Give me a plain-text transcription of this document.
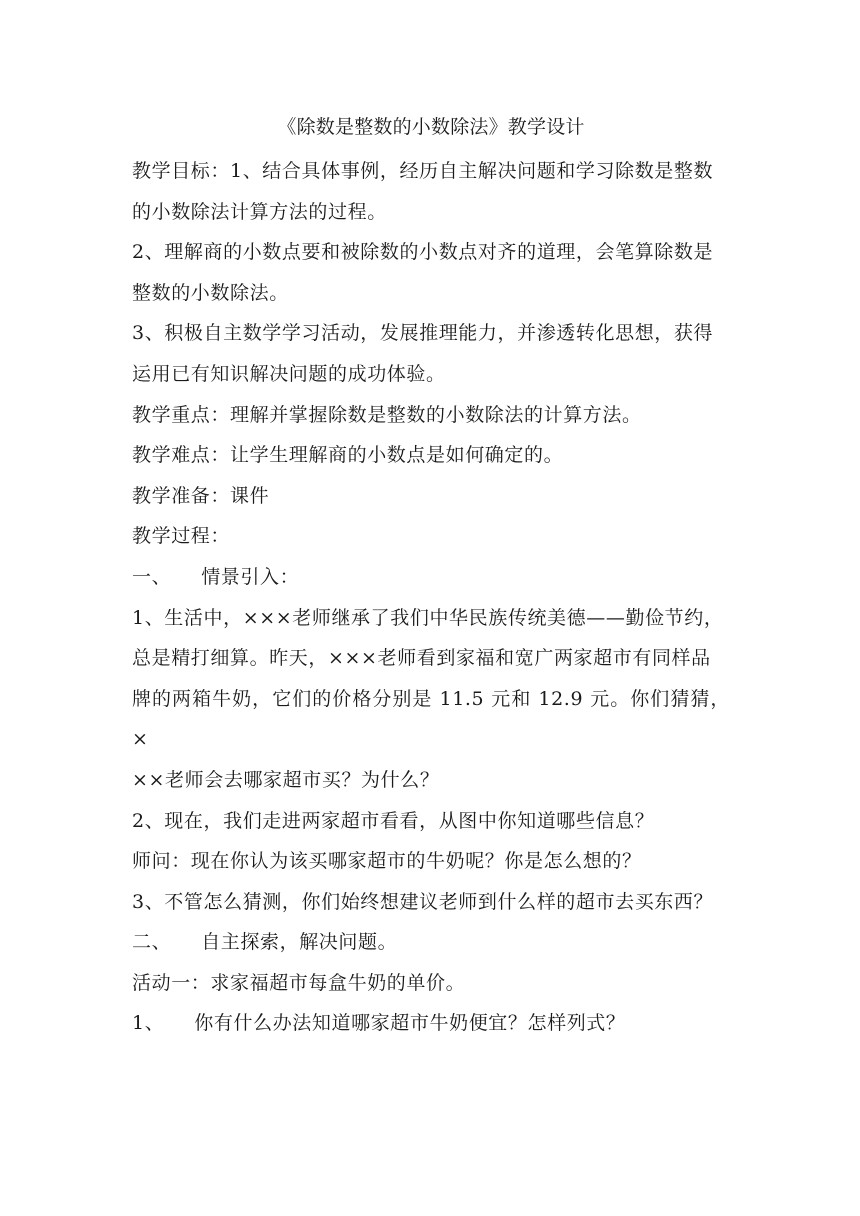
《除数是整数的小数除法》教学设计

教学目标：1、结合具体事例，经历自主解决问题和学习除数是整数

的小数除法计算方法的过程。

2、理解商的小数点要和被除数的小数点对齐的道理，会笔算除数是

整数的小数除法。

3、积极自主数学学习活动，发展推理能力，并渗透转化思想，获得

运用已有知识解决问题的成功体验。

教学重点：理解并掌握除数是整数的小数除法的计算方法。

教学难点：让学生理解商的小数点是如何确定的。

教学准备：课件

教学过程：

一、 情景引入：

1、生活中，×××老师继承了我们中华民族传统美德——勤俭节约，

总是精打细算。昨天，×××老师看到家福和宽广两家超市有同样品

牌的两箱牛奶，它们的价格分别是 11.5 元和 12.9 元。你们猜猜，×

××老师会去哪家超市买？为什么？

2、现在，我们走进两家超市看看，从图中你知道哪些信息？

师问：现在你认为该买哪家超市的牛奶呢？你是怎么想的？

3、不管怎么猜测，你们始终想建议老师到什么样的超市去买东西？

二、 自主探索，解决问题。

活动一：求家福超市每盒牛奶的单价。

1、 你有什么办法知道哪家超市牛奶便宜？怎样列式？
